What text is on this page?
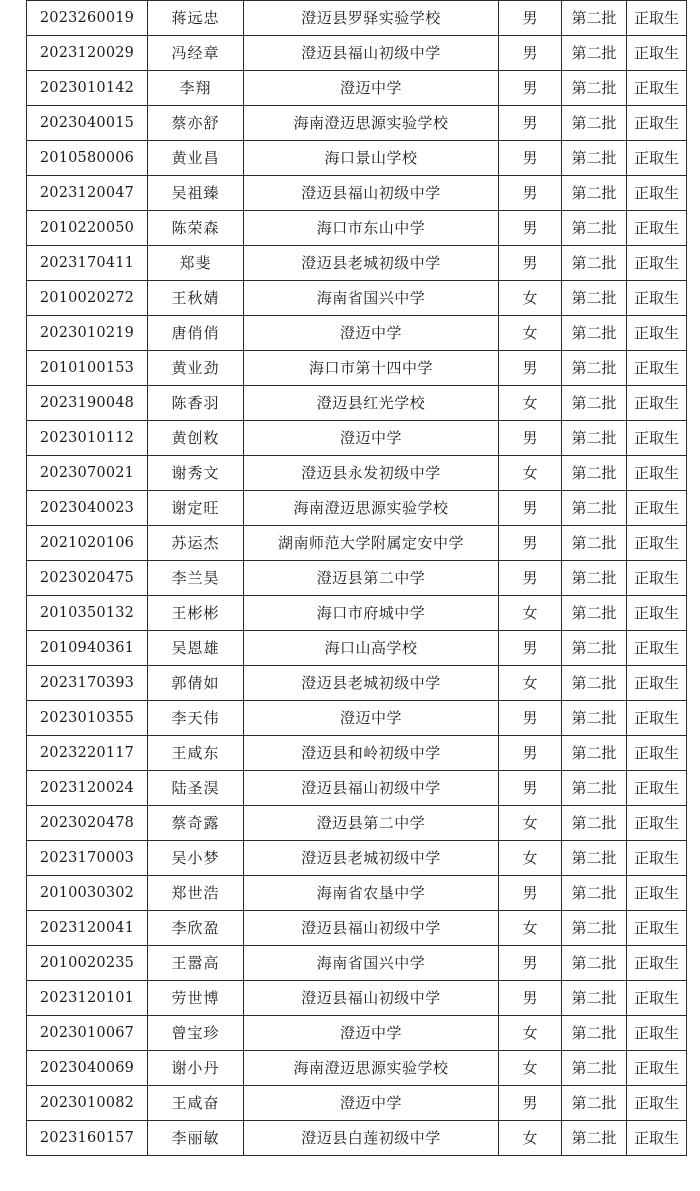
2023260019	蒋远忠	澄迈县罗驿实验学校	男	第二批	正取生
2023120029	冯经章	澄迈县福山初级中学	男	第二批	正取生
2023010142	李翔	澄迈中学	男	第二批	正取生
2023040015	蔡亦舒	海南澄迈思源实验学校	男	第二批	正取生
2010580006	黄业昌	海口景山学校	男	第二批	正取生
2023120047	吴祖臻	澄迈县福山初级中学	男	第二批	正取生
2010220050	陈荣森	海口市东山中学	男	第二批	正取生
2023170411	郑斐	澄迈县老城初级中学	男	第二批	正取生
2010020272	王秋婧	海南省国兴中学	女	第二批	正取生
2023010219	唐俏俏	澄迈中学	女	第二批	正取生
2010100153	黄业劲	海口市第十四中学	男	第二批	正取生
2023190048	陈香羽	澄迈县红光学校	女	第二批	正取生
2023010112	黄创敉	澄迈中学	男	第二批	正取生
2023070021	谢秀文	澄迈县永发初级中学	女	第二批	正取生
2023040023	谢定旺	海南澄迈思源实验学校	男	第二批	正取生
2021020106	苏运杰	湖南师范大学附属定安中学	男	第二批	正取生
2023020475	李兰昊	澄迈县第二中学	男	第二批	正取生
2010350132	王彬彬	海口市府城中学	女	第二批	正取生
2010940361	吴恩雄	海口山高学校	男	第二批	正取生
2023170393	郭倩如	澄迈县老城初级中学	女	第二批	正取生
2023010355	李天伟	澄迈中学	男	第二批	正取生
2023220117	王咸东	澄迈县和岭初级中学	男	第二批	正取生
2023120024	陆圣淏	澄迈县福山初级中学	男	第二批	正取生
2023020478	蔡奇露	澄迈县第二中学	女	第二批	正取生
2023170003	吴小梦	澄迈县老城初级中学	女	第二批	正取生
2010030302	郑世浩	海南省农垦中学	男	第二批	正取生
2023120041	李欣盈	澄迈县福山初级中学	女	第二批	正取生
2010020235	王嚣高	海南省国兴中学	男	第二批	正取生
2023120101	劳世博	澄迈县福山初级中学	男	第二批	正取生
2023010067	曾宝珍	澄迈中学	女	第二批	正取生
2023040069	谢小丹	海南澄迈思源实验学校	女	第二批	正取生
2023010082	王咸奋	澄迈中学	男	第二批	正取生
2023160157	李丽敏	澄迈县白莲初级中学	女	第二批	正取生
